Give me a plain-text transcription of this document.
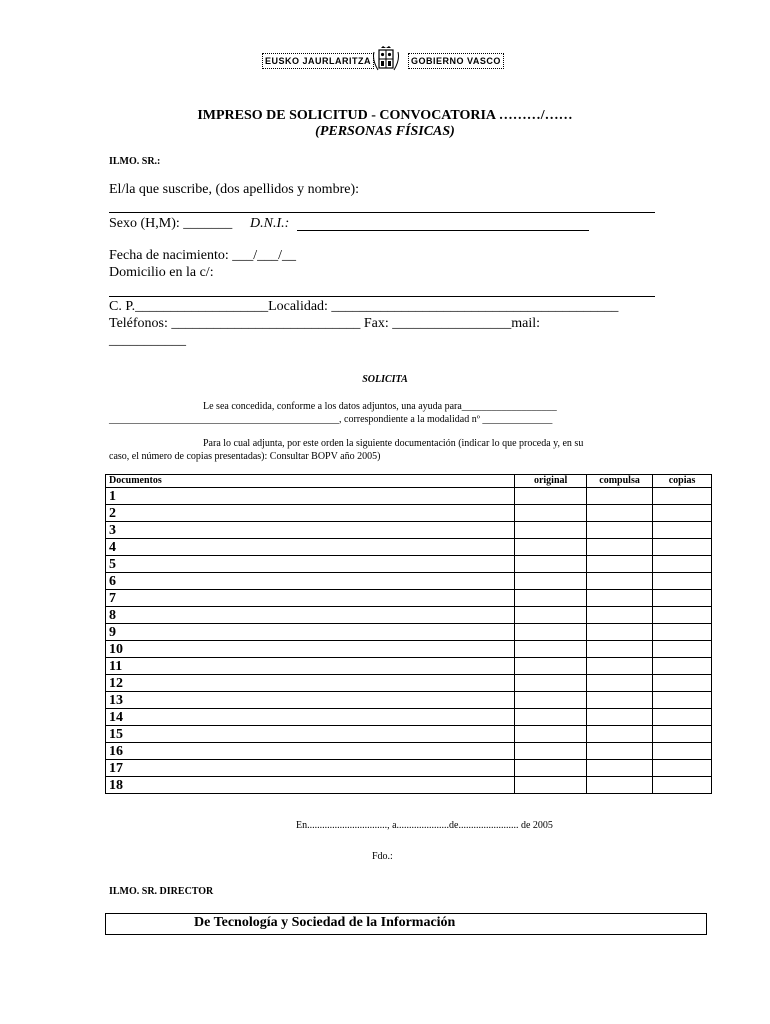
EUSKO JAURLARITZA	GOBIERNO VASCO
IMPRESO DE SOLICITUD - CONVOCATORIA ………/……
(PERSONAS FÍSICAS)
ILMO. SR.:
El/la que suscribe, (dos apellidos y nombre):
Sexo (H,M): _______ D.N.I.:
Fecha de nacimiento: ___/___/__
Domicilio en la c/:
C. P.___________________Localidad: _________________________________________
Teléfonos: ___________________________ Fax: _________________mail:
___________
SOLICITA
Le sea concedida, conforme a los datos adjuntos, una ayuda para___________________
______________________________________________, correspondiente a la modalidad nº ______________
Para lo cual adjunta, por este orden la siguiente documentación (indicar lo que proceda y, en su
caso, el número de copias presentadas): Consultar BOPV año 2005)
Documentos	original	compulsa	copias
1			
2			
3			
4			
5			
6			
7			
8			
9			
10			
11			
12			
13			
14			
15			
16			
17			
18			
En................................, a.....................de........................ de 2005
Fdo.:
ILMO. SR. DIRECTOR
De Tecnología y Sociedad de la Información
